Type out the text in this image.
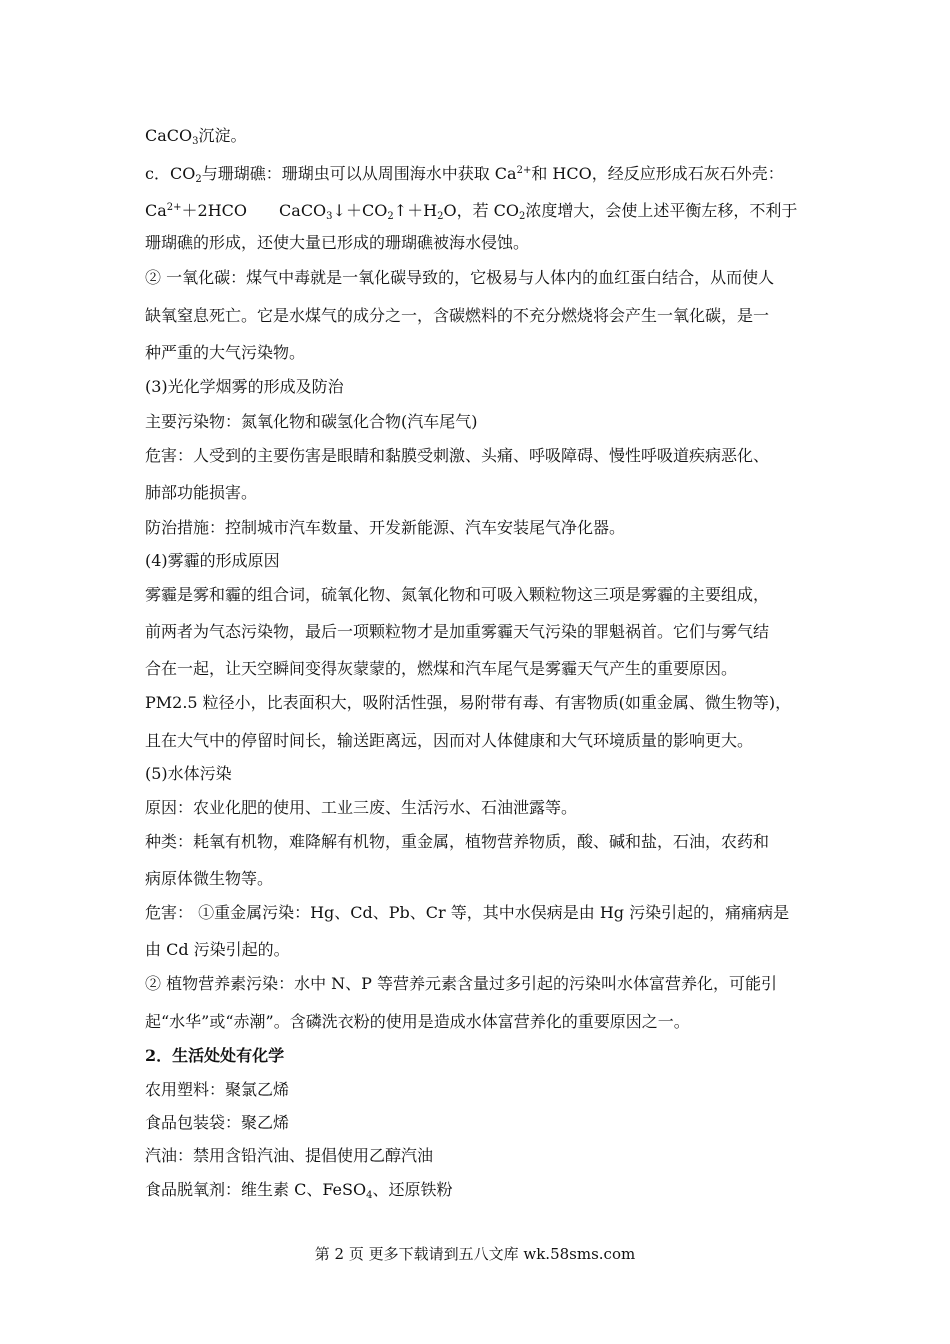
CaCO$_3$沉淀。
c．$CO_2$与珊瑚礁：珊瑚虫可以从周围海水中获取 $Ca^{2+}$和 HCO，经反应形成石灰石外壳：
$Ca^{2+}+2HCO$ $CaCO_3↓+CO_2↑+H_2O$，若 $CO_2$浓度增大，会使上述平衡左移，不利于
珊瑚礁的形成，还使大量已形成的珊瑚礁被海水侵蚀。
② 一氧化碳：煤气中毒就是一氧化碳导致的，它极易与人体内的血红蛋白结合，从而使人
缺氧窒息死亡。它是水煤气的成分之一，含碳燃料的不充分燃烧将会产生一氧化碳，是一
种严重的大气污染物。
(3)光化学烟雾的形成及防治
主要污染物：氮氧化物和碳氢化合物(汽车尾气)
危害：人受到的主要伤害是眼睛和黏膜受刺激、头痛、呼吸障碍、慢性呼吸道疾病恶化、
肺部功能损害。
防治措施：控制城市汽车数量、开发新能源、汽车安装尾气净化器。
(4)雾霾的形成原因
雾霾是雾和霾的组合词，硫氧化物、氮氧化物和可吸入颗粒物这三项是雾霾的主要组成，
前两者为气态污染物，最后一项颗粒物才是加重雾霾天气污染的罪魁祸首。它们与雾气结
合在一起，让天空瞬间变得灰蒙蒙的，燃煤和汽车尾气是雾霾天气产生的重要原因。
PM2.5 粒径小，比表面积大，吸附活性强，易附带有毒、有害物质(如重金属、微生物等)，
且在大气中的停留时间长，输送距离远，因而对人体健康和大气环境质量的影响更大。
(5)水体污染
原因：农业化肥的使用、工业三废、生活污水、石油泄露等。
种类：耗氧有机物，难降解有机物，重金属，植物营养物质，酸、碱和盐，石油，农药和
病原体微生物等。
危害： ①重金属污染：Hg、Cd、Pb、Cr 等，其中水俣病是由 Hg 污染引起的，痛痛病是
由 Cd 污染引起的。
② 植物营养素污染：水中 N、P 等营养元素含量过多引起的污染叫水体富营养化，可能引
起“水华”或“赤潮”。含磷洗衣粉的使用是造成水体富营养化的重要原因之一。
2．生活处处有化学
农用塑料：聚氯乙烯
食品包装袋：聚乙烯
汽油：禁用含铅汽油、提倡使用乙醇汽油
食品脱氧剂：维生素 C、FeSO$_4$、还原铁粉
第 2 页 更多下载请到五八文库 wk.58sms.com
